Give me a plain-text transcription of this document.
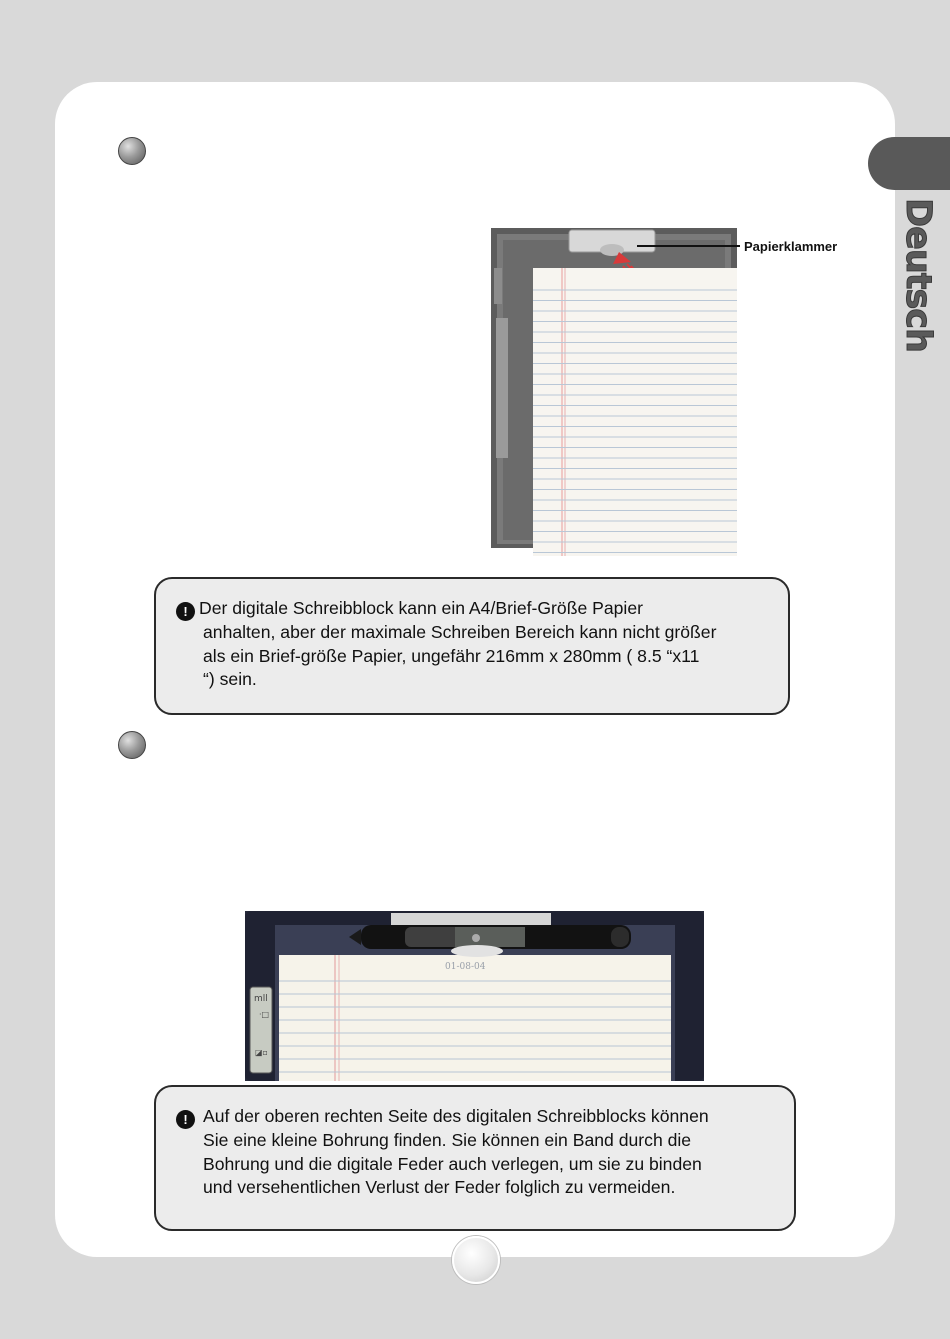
Deutsch
Papierklammer
! Der digitale Schreibblock kann ein A4/Brief-Größe Papier
anhalten, aber der maximale Schreiben Bereich kann nicht größer
als ein Brief-größe Papier, ungefähr 216mm x 280mm ( 8.5 “x11
“) sein.
01-08-04
mll
·□
◪▫
! Auf der oberen rechten Seite des digitalen Schreibblocks können
Sie eine kleine Bohrung finden. Sie können ein Band durch die
Bohrung und die digitale Feder auch verlegen, um sie zu binden
und versehentlichen Verlust der Feder folglich zu vermeiden.
